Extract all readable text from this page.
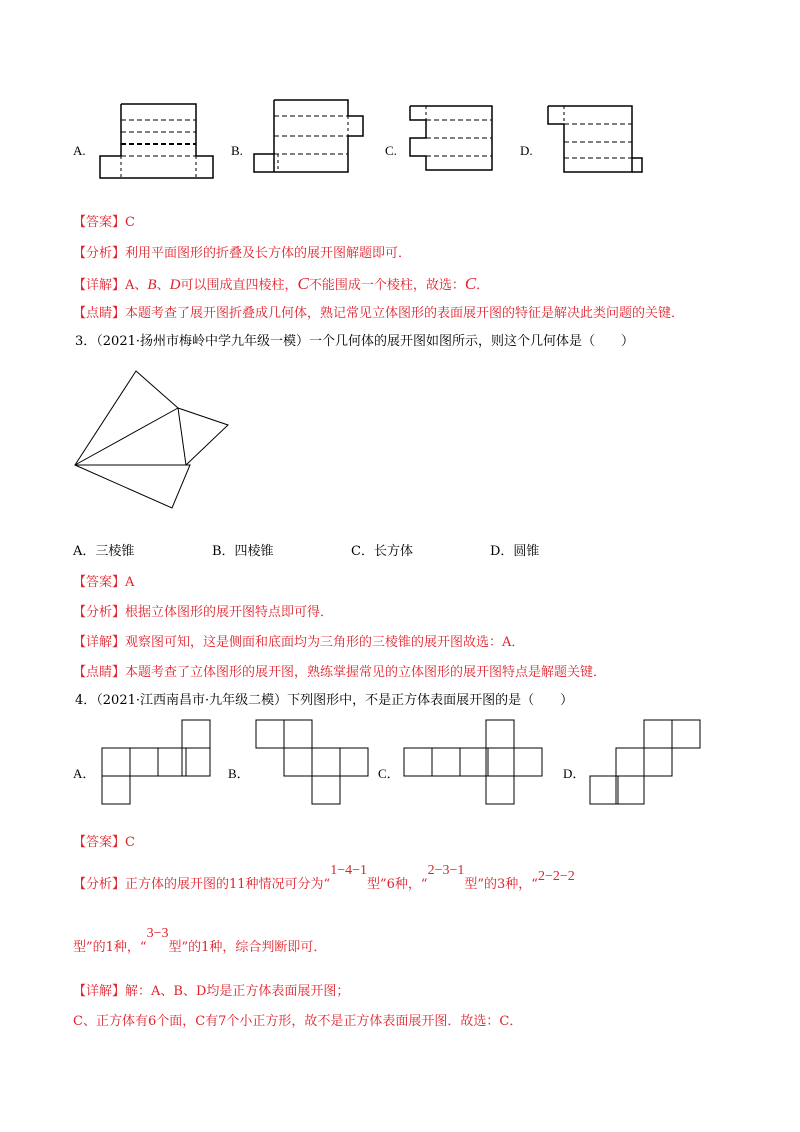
A.	B.	C.	D.
【答案】C
【分析】利用平面图形的折叠及长方体的展开图解题即可．
【详解】A、B、D可以围成直四棱柱，C不能围成一个棱柱，故选：C．
【点睛】本题考查了展开图折叠成几何体，熟记常见立体图形的表面展开图的特征是解决此类问题的关键．
3．（2021·扬州市梅岭中学九年级一模）一个几何体的展开图如图所示，则这个几何体是（　　）
A．三棱锥	B．四棱锥	C．长方体	D．圆锥
【答案】A
【分析】根据立体图形的展开图特点即可得．
【详解】观察图可知，这是侧面和底面均为三角形的三棱锥的展开图故选：A．
【点睛】本题考查了立体图形的展开图，熟练掌握常见的立体图形的展开图特点是解题关键．
4．（2021·江西南昌市·九年级二模）下列图形中，不是正方体表面展开图的是（　　）
A．	B．	C．	D．
【答案】C
【分析】正方体的展开图的11种情况可分为“1−4−1型”6种，“2−3−1型”的3种，“2−2−2
型”的1种，“3−3型”的1种，综合判断即可．
【详解】解：A、B、D均是正方体表面展开图；
C、正方体有6个面，C有7个小正方形，故不是正方体表面展开图．故选：C．
